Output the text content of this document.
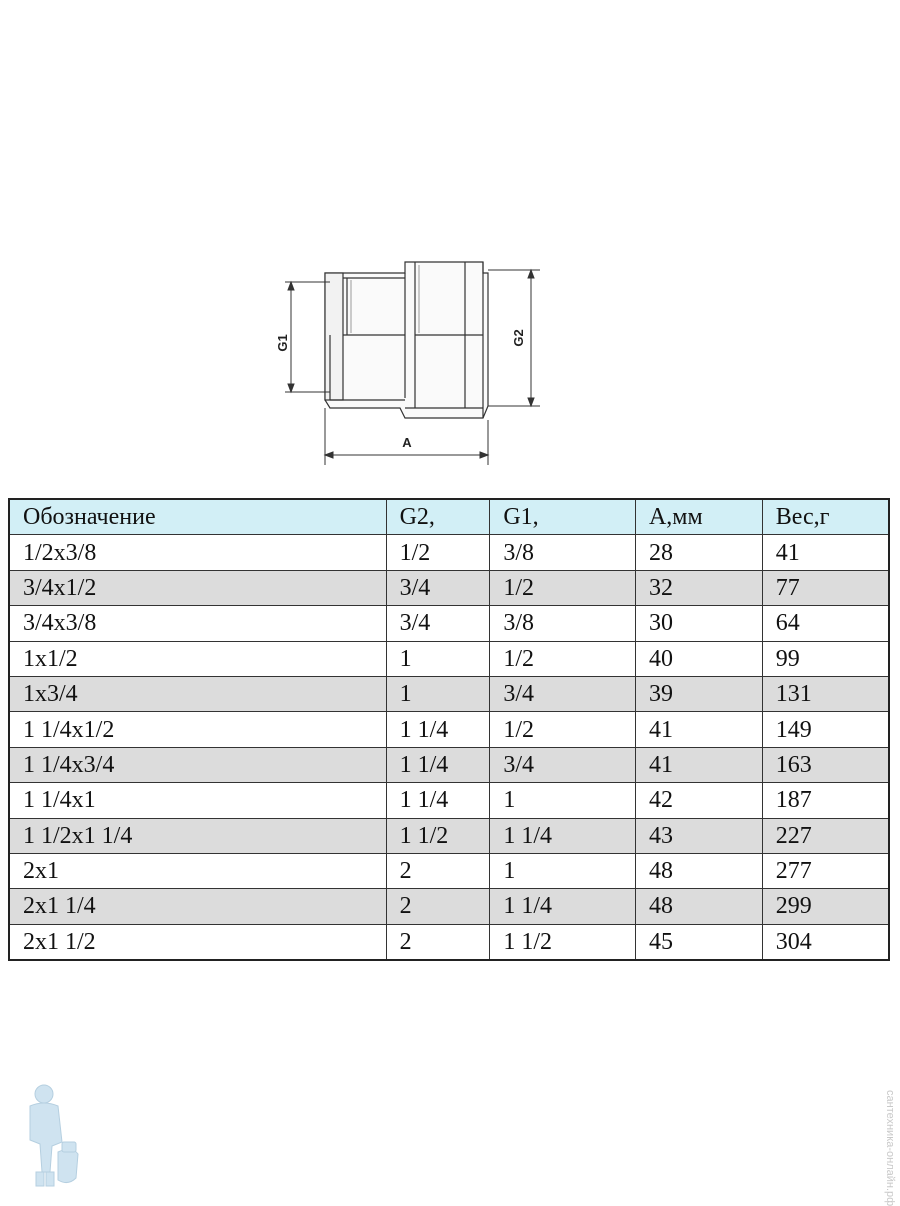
G1	G2
A
Обозначение	G2,	G1,	A,мм	Вес,г
1/2x3/8	1/2	3/8	28	41
3/4x1/2	3/4	1/2	32	77
3/4x3/8	3/4	3/8	30	64
1x1/2	1	1/2	40	99
1x3/4	1	3/4	39	131
1 1/4x1/2	1 1/4	1/2	41	149
1 1/4x3/4	1 1/4	3/4	41	163
1 1/4x1	1 1/4	1	42	187
1 1/2x1 1/4	1 1/2	1 1/4	43	227
2x1	2	1	48	277
2x1 1/4	2	1 1/4	48	299
2x1 1/2	2	1 1/2	45	304
сантехника-онлайн.рф
